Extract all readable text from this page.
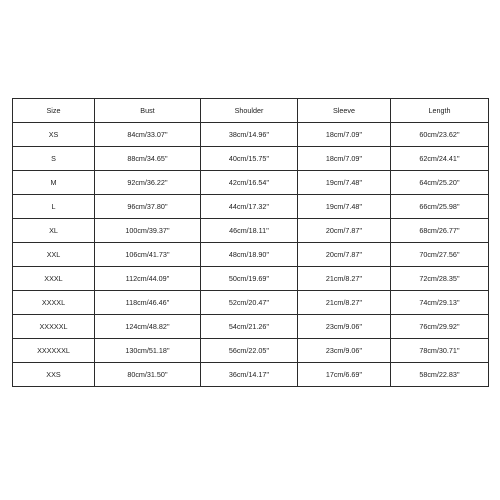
Size	Bust	Shoulder	Sleeve	Length
XS	84cm/33.07''	38cm/14.96''	18cm/7.09''	60cm/23.62''
S	88cm/34.65''	40cm/15.75''	18cm/7.09''	62cm/24.41''
M	92cm/36.22''	42cm/16.54''	19cm/7.48''	64cm/25.20''
L	96cm/37.80''	44cm/17.32''	19cm/7.48''	66cm/25.98''
XL	100cm/39.37''	46cm/18.11''	20cm/7.87''	68cm/26.77''
XXL	106cm/41.73''	48cm/18.90''	20cm/7.87''	70cm/27.56''
XXXL	112cm/44.09''	50cm/19.69''	21cm/8.27''	72cm/28.35''
XXXXL	118cm/46.46''	52cm/20.47''	21cm/8.27''	74cm/29.13''
XXXXXL	124cm/48.82''	54cm/21.26''	23cm/9.06''	76cm/29.92''
XXXXXXL	130cm/51.18''	56cm/22.05''	23cm/9.06''	78cm/30.71''
XXS	80cm/31.50''	36cm/14.17''	17cm/6.69''	58cm/22.83''
